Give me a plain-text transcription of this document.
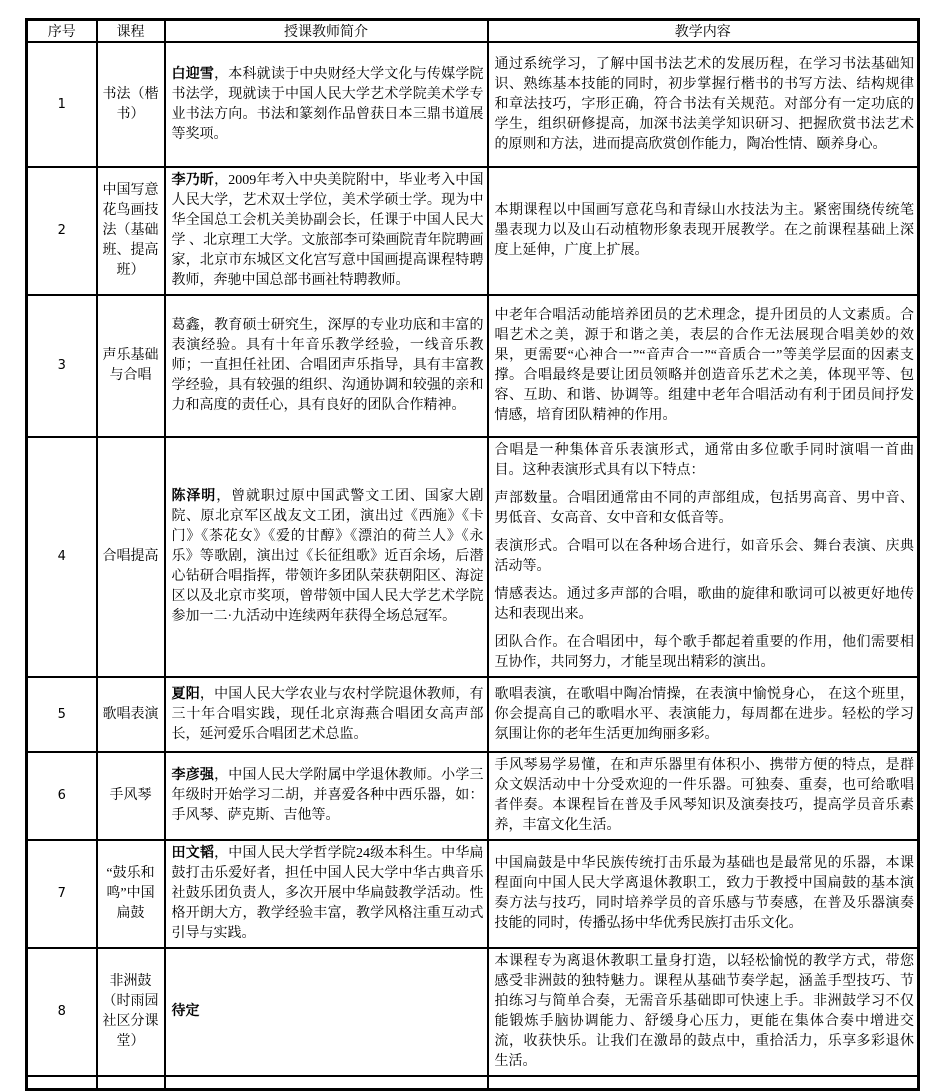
序号	课程	授课教师简介	教学内容
1	书法（楷书）	白迎雪，本科就读于中央财经大学文化与传媒学院书法学，现就读于中国人民大学艺术学院美术学专业书法方向。书法和篆刻作品曾获日本三鼎书道展等奖项。	通过系统学习，了解中国书法艺术的发展历程，在学习书法基础知识、熟练基本技能的同时，初步掌握行楷书的书写方法、结构规律和章法技巧，字形正确，符合书法有关规范。对部分有一定功底的学生，组织研修提高，加深书法美学知识研习、把握欣赏书法艺术的原则和方法，进而提高欣赏创作能力，陶冶性情、颐养身心。

2	中国写意花鸟画技法（基础班、提高班）	李乃昕，2009年考入中央美院附中，毕业考入中国人民大学，艺术双士学位，美术学硕士学。现为中华全国总工会机关美协副会长，任课于中国人民大学 、北京理工大学。文旅部李可染画院青年院聘画家，北京市东城区文化宫写意中国画提高课程特聘教师，奔驰中国总部书画社特聘教师。	本期课程以中国画写意花鸟和青绿山水技法为主。紧密围绕传统笔墨表现力以及山石动植物形象表现开展教学。在之前课程基础上深度上延伸，广度上扩展。

3	声乐基础与合唱	葛鑫，教育硕士研究生，深厚的专业功底和丰富的表演经验。具有十年音乐教学经验，一线音乐教师；一直担任社团、合唱团声乐指导，具有丰富教学经验，具有较强的组织、沟通协调和较强的亲和力和高度的责任心，具有良好的团队合作精神。	中老年合唱活动能培养团员的艺术理念，提升团员的人文素质。合唱艺术之美，源于和谐之美，表层的合作无法展现合唱美妙的效果，更需要“心神合一”“音声合一”“音质合一”等美学层面的因素支撑。合唱最终是要让团员领略并创造音乐艺术之美，体现平等、包容、互助、和谐、协调等。组建中老年合唱活动有利于团员间抒发情感，培育团队精神的作用。

4	合唱提高	陈泽明，曾就职过原中国武警文工团、国家大剧院、原北京军区战友文工团，演出过《西施》《卡门》《茶花女》《爱的甘醇》《漂泊的荷兰人》《永乐》等歌剧，演出过《长征组歌》近百余场，后潜心钻研合唱指挥，带领许多团队荣获朝阳区、海淀区以及北京市奖项，曾带领中国人民大学艺术学院参加一二·九活动中连续两年获得全场总冠军。	合唱是一种集体音乐表演形式，通常由多位歌手同时演唱一首曲目。这种表演形式具有以下特点：

声部数量。合唱团通常由不同的声部组成，包括男高音、男中音、男低音、女高音、女中音和女低音等。

表演形式。合唱可以在各种场合进行，如音乐会、舞台表演、庆典活动等。

情感表达。通过多声部的合唱，歌曲的旋律和歌词可以被更好地传达和表现出来。

团队合作。在合唱团中，每个歌手都起着重要的作用，他们需要相互协作，共同努力，才能呈现出精彩的演出。

5	歌唱表演	夏阳，中国人民大学农业与农村学院退休教师，有三十年合唱实践，现任北京海燕合唱团女高声部长，延河爱乐合唱团艺术总监。	歌唱表演，在歌唱中陶冶情操，在表演中愉悦身心， 在这个班里，你会提高自己的歌唱水平、表演能力，每周都在进步。轻松的学习氛围让你的老年生活更加绚丽多彩。

6	手风琴	李彦强，中国人民大学附属中学退休教师。小学三年级时开始学习二胡，并喜爱各种中西乐器，如：手风琴、萨克斯、吉他等。	手风琴易学易懂，在和声乐器里有体积小、携带方便的特点，是群众文娱活动中十分受欢迎的一件乐器。可独奏、重奏，也可给歌唱者伴奏。本课程旨在普及手风琴知识及演奏技巧，提高学员音乐素养，丰富文化生活。

7	“鼓乐和鸣”中国扁鼓	田文韬，中国人民大学哲学院24级本科生。中华扁鼓打击乐爱好者，担任中国人民大学中华古典音乐社鼓乐团负责人，多次开展中华扁鼓教学活动。性格开朗大方，教学经验丰富，教学风格注重互动式引导与实践。	中国扁鼓是中华民族传统打击乐最为基础也是最常见的乐器，本课程面向中国人民大学离退休教职工，致力于教授中国扁鼓的基本演奏方法与技巧，同时培养学员的音乐感与节奏感，在普及乐器演奏技能的同时，传播弘扬中华优秀民族打击乐文化。

8	非洲鼓（时雨园社区分课堂）	待定	本课程专为离退休教职工量身打造，以轻松愉悦的教学方式，带您感受非洲鼓的独特魅力。课程从基础节奏学起，涵盖手型技巧、节拍练习与简单合奏，无需音乐基础即可快速上手。非洲鼓学习不仅能锻炼手脑协调能力、舒缓身心压力，更能在集体合奏中增进交流，收获快乐。让我们在激昂的鼓点中，重拾活力，乐享多彩退休生活。
